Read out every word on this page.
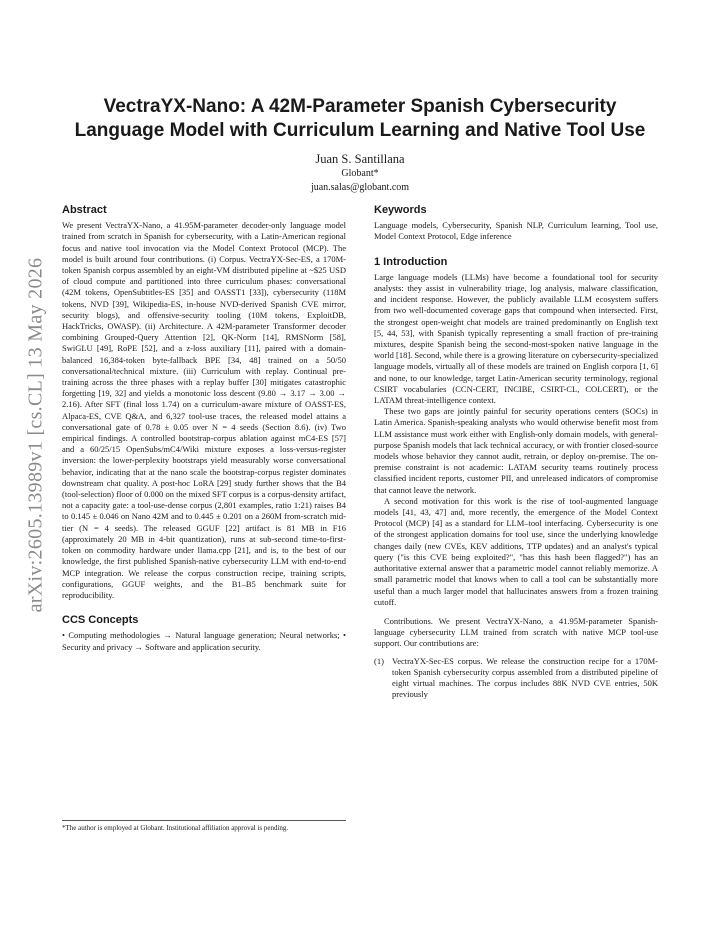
arXiv:2605.13989v1 [cs.CL] 13 May 2026
VectraYX-Nano: A 42M-Parameter Spanish Cybersecurity Language Model with Curriculum Learning and Native Tool Use
Juan S. Santillana
Globant*
juan.salas@globant.com
Abstract

We present VectraYX-Nano, a 41.95M-parameter decoder-only language model trained from scratch in Spanish for cybersecurity, with a Latin-American regional focus and native tool invocation via the Model Context Protocol (MCP). The model is built around four contributions. (i) Corpus. VectraYX-Sec-ES, a 170M-token Spanish corpus assembled by an eight-VM distributed pipeline at ~$25 USD of cloud compute and partitioned into three curriculum phases: conversational (42M tokens, OpenSubtitles-ES [35] and OASST1 [33]), cybersecurity (118M tokens, NVD [39], Wikipedia-ES, in-house NVD-derived Spanish CVE mirror, security blogs), and offensive-security tooling (10M tokens, ExploitDB, HackTricks, OWASP). (ii) Architecture. A 42M-parameter Transformer decoder combining Grouped-Query Attention [2], QK-Norm [14], RMSNorm [58], SwiGLU [49], RoPE [52], and a z-loss auxiliary [11], paired with a domain-balanced 16,384-token byte-fallback BPE [34, 48] trained on a 50/50 conversational/technical mixture. (iii) Curriculum with replay. Continual pre-training across the three phases with a replay buffer [30] mitigates catastrophic forgetting [19, 32] and yields a monotonic loss descent (9.80 → 3.17 → 3.00 → 2.16). After SFT (final loss 1.74) on a curriculum-aware mixture of OASST-ES, Alpaca-ES, CVE Q&A, and 6,327 tool-use traces, the released model attains a conversational gate of 0.78 ± 0.05 over N = 4 seeds (Section 8.6). (iv) Two empirical findings. A controlled bootstrap-corpus ablation against mC4-ES [57] and a 60/25/15 OpenSubs/mC4/Wiki mixture exposes a loss-versus-register inversion: the lower-perplexity bootstraps yield measurably worse conversational behavior, indicating that at the nano scale the bootstrap-corpus register dominates downstream chat quality. A post-hoc LoRA [29] study further shows that the B4 (tool-selection) floor of 0.000 on the mixed SFT corpus is a corpus-density artifact, not a capacity gate: a tool-use-dense corpus (2,801 examples, ratio 1:21) raises B4 to 0.145 ± 0.046 on Nano 42M and to 0.445 ± 0.201 on a 260M from-scratch mid-tier (N = 4 seeds). The released GGUF [22] artifact is 81 MB in F16 (approximately 20 MB in 4-bit quantization), runs at sub-second time-to-first-token on commodity hardware under llama.cpp [21], and is, to the best of our knowledge, the first published Spanish-native cybersecurity LLM with end-to-end MCP integration. We release the corpus construction recipe, training scripts, configurations, GGUF weights, and the B1–B5 benchmark suite for reproducibility.

CCS Concepts

• Computing methodologies → Natural language generation; Neural networks; • Security and privacy → Software and application security.

*The author is employed at Globant. Institutional affiliation approval is pending.
Keywords

Language models, Cybersecurity, Spanish NLP, Curriculum learning, Tool use, Model Context Protocol, Edge inference

1 Introduction

Large language models (LLMs) have become a foundational tool for security analysts: they assist in vulnerability triage, log analysis, malware classification, and incident response. However, the publicly available LLM ecosystem suffers from two well-documented coverage gaps that compound when intersected. First, the strongest open-weight chat models are trained predominantly on English text [5, 44, 53], with Spanish typically representing a small fraction of pre-training mixtures, despite Spanish being the second-most-spoken native language in the world [18]. Second, while there is a growing literature on cybersecurity-specialized language models, virtually all of these models are trained on English corpora [1, 6] and none, to our knowledge, target Latin-American security terminology, regional CSIRT vocabularies (CCN-CERT, INCIBE, CSIRT-CL, COLCERT), or the LATAM threat-intelligence context.

These two gaps are jointly painful for security operations centers (SOCs) in Latin America. Spanish-speaking analysts who would otherwise benefit most from LLM assistance must work either with English-only domain models, with general-purpose Spanish models that lack technical accuracy, or with frontier closed-source models whose behavior they cannot audit, retrain, or deploy on-premise. The on-premise constraint is not academic: LATAM security teams routinely process classified incident reports, customer PII, and unreleased indicators of compromise that cannot leave the network.

A second motivation for this work is the rise of tool-augmented language models [41, 43, 47] and, more recently, the emergence of the Model Context Protocol (MCP) [4] as a standard for LLM–tool interfacing. Cybersecurity is one of the strongest application domains for tool use, since the underlying knowledge changes daily (new CVEs, KEV additions, TTP updates) and an analyst's typical query ("is this CVE being exploited?", "has this hash been flagged?") has an authoritative external answer that a parametric model cannot reliably memorize. A small parametric model that knows when to call a tool can be substantially more useful than a much larger model that hallucinates answers from a frozen training cutoff.

Contributions. We present VectraYX-Nano, a 41.95M-parameter Spanish-language cybersecurity LLM trained from scratch with native MCP tool-use support. Our contributions are:

(1) VectraYX-Sec-ES corpus. We release the construction recipe for a 170M-token Spanish cybersecurity corpus assembled from a distributed pipeline of eight virtual machines. The corpus includes 88K NVD CVE entries, 50K previously
